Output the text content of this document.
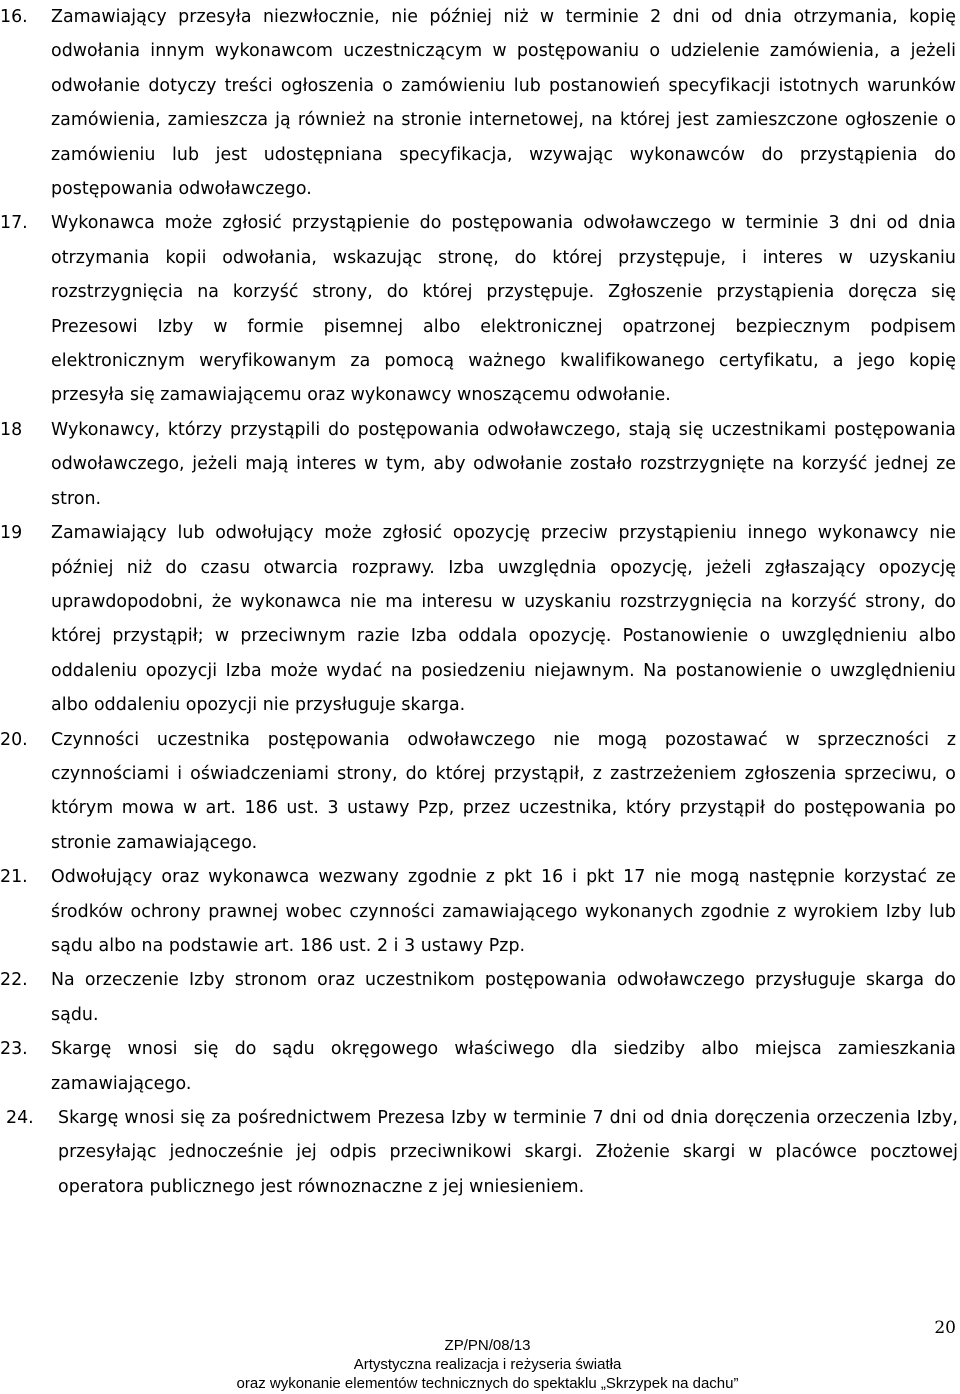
16. Zamawiający przesyła niezwłocznie, nie później niż w terminie 2 dni od dnia otrzymania, kopię odwołania innym wykonawcom uczestniczącym w postępowaniu o udzielenie zamówienia, a jeżeli odwołanie dotyczy treści ogłoszenia o zamówieniu lub postanowień specyfikacji istotnych warunków zamówienia, zamieszcza ją również na stronie internetowej, na której jest zamieszczone ogłoszenie o zamówieniu lub jest udostępniana specyfikacja, wzywając wykonawców do przystąpienia do postępowania odwoławczego.
17. Wykonawca może zgłosić przystąpienie do postępowania odwoławczego w terminie 3 dni od dnia otrzymania kopii odwołania, wskazując stronę, do której przystępuje, i interes w uzyskaniu rozstrzygnięcia na korzyść strony, do której przystępuje. Zgłoszenie przystąpienia doręcza się Prezesowi Izby w formie pisemnej albo elektronicznej opatrzonej bezpiecznym podpisem elektronicznym weryfikowanym za pomocą ważnego kwalifikowanego certyfikatu, a jego kopię przesyła się zamawiającemu oraz wykonawcy wnoszącemu odwołanie.
18 Wykonawcy, którzy przystąpili do postępowania odwoławczego, stają się uczestnikami postępowania odwoławczego, jeżeli mają interes w tym, aby odwołanie zostało rozstrzygnięte na korzyść jednej ze stron.
19 Zamawiający lub odwołujący może zgłosić opozycję przeciw przystąpieniu innego wykonawcy nie później niż do czasu otwarcia rozprawy. Izba uwzględnia opozycję, jeżeli zgłaszający opozycję uprawdopodobni, że wykonawca nie ma interesu w uzyskaniu rozstrzygnięcia na korzyść strony, do której przystąpił; w przeciwnym razie Izba oddala opozycję. Postanowienie o uwzględnieniu albo oddaleniu opozycji Izba może wydać na posiedzeniu niejawnym. Na postanowienie o uwzględnieniu albo oddaleniu opozycji nie przysługuje skarga.
20. Czynności uczestnika postępowania odwoławczego nie mogą pozostawać w sprzeczności z czynnościami i oświadczeniami strony, do której przystąpił, z zastrzeżeniem zgłoszenia sprzeciwu, o którym mowa w art. 186 ust. 3 ustawy Pzp, przez uczestnika, który przystąpił do postępowania po stronie zamawiającego.
21. Odwołujący oraz wykonawca wezwany zgodnie z pkt 16 i pkt 17 nie mogą następnie korzystać ze środków ochrony prawnej wobec czynności zamawiającego wykonanych zgodnie z wyrokiem Izby lub sądu albo na podstawie art. 186 ust. 2 i 3 ustawy Pzp.
22. Na orzeczenie Izby stronom oraz uczestnikom postępowania odwoławczego przysługuje skarga do sądu.
23. Skargę wnosi się do sądu okręgowego właściwego dla siedziby albo miejsca zamieszkania zamawiającego.
24. Skargę wnosi się za pośrednictwem Prezesa Izby w terminie 7 dni od dnia doręczenia orzeczenia Izby, przesyłając jednocześnie jej odpis przeciwnikowi skargi. Złożenie skargi w placówce pocztowej operatora publicznego jest równoznaczne z jej wniesieniem.
20
ZP/PN/08/13
Artystyczna realizacja i reżyseria światła
oraz wykonanie elementów technicznych do spektaklu „Skrzypek na dachu”
